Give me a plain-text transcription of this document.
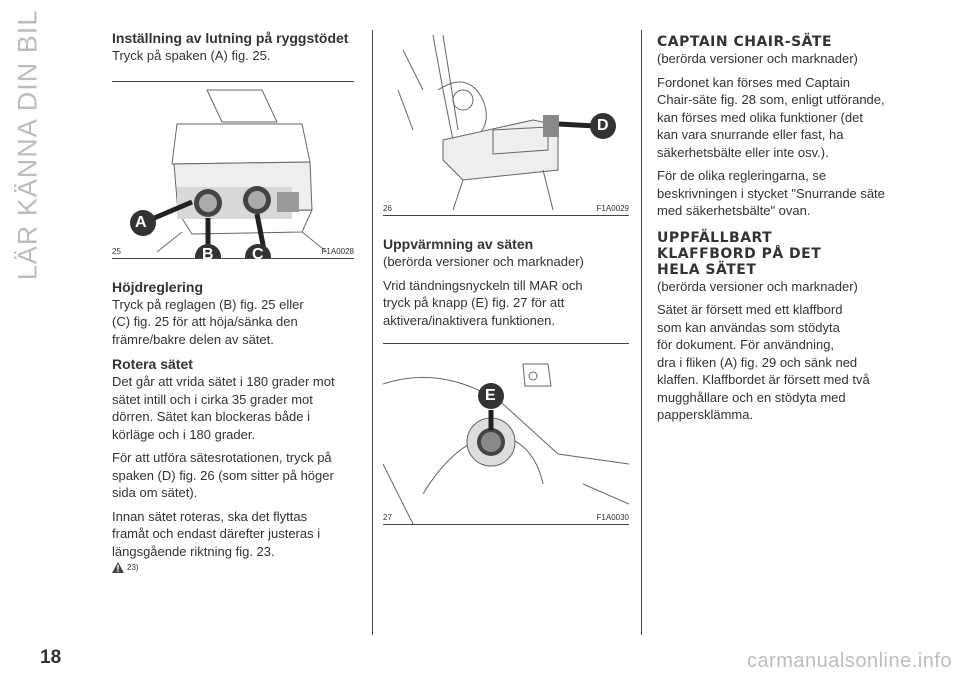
LÄR KÄNNA DIN BIL	Inställning av lutning på ryggstödet

Tryck på spaken (A) fig. 25.

A
B C
25	F1A0028
Höjdreglering

Tryck på reglagen (B) fig. 25 eller
(C) fig. 25 för att höja/sänka den
främre/bakre delen av sätet.

Rotera sätet

Det går att vrida sätet i 180 grader mot
sätet intill och i cirka 35 grader mot
dörren. Sätet kan blockeras både i
körläge och i 180 grader.

För att utföra sätesrotationen, tryck på
spaken (D) fig. 26 (som sitter på höger
sida om sätet).

Innan sätet roteras, ska det flyttas
framåt och endast därefter justeras i
längsgående riktning fig. 23.

23)
D
26	F1A0029
Uppvärmning av säten

(berörda versioner och marknader)

Vrid tändningsnyckeln till MAR och
tryck på knapp (E) fig. 27 för att
aktivera/inaktivera funktionen.

E
27	F1A0030
CAPTAIN CHAIR-SÄTE

(berörda versioner och marknader)

Fordonet kan förses med Captain
Chair-säte fig. 28 som, enligt utförande,
kan förses med olika funktioner (det
kan vara snurrande eller fast, ha
säkerhetsbälte eller inte osv.).

För de olika regleringarna, se
beskrivningen i stycket "Snurrande säte
med säkerhetsbälte" ovan.

UPPFÄLLBART
KLAFFBORD PÅ DET
HELA SÄTET

(berörda versioner och marknader)

Sätet är försett med ett klaffbord
som kan användas som stödyta
för dokument. För användning,
dra i fliken (A) fig. 29 och sänk ned
klaffen. Klaffbordet är försett med två
mugghållare och en stödyta med
pappersklämma.

18	carmanualsonline.info
